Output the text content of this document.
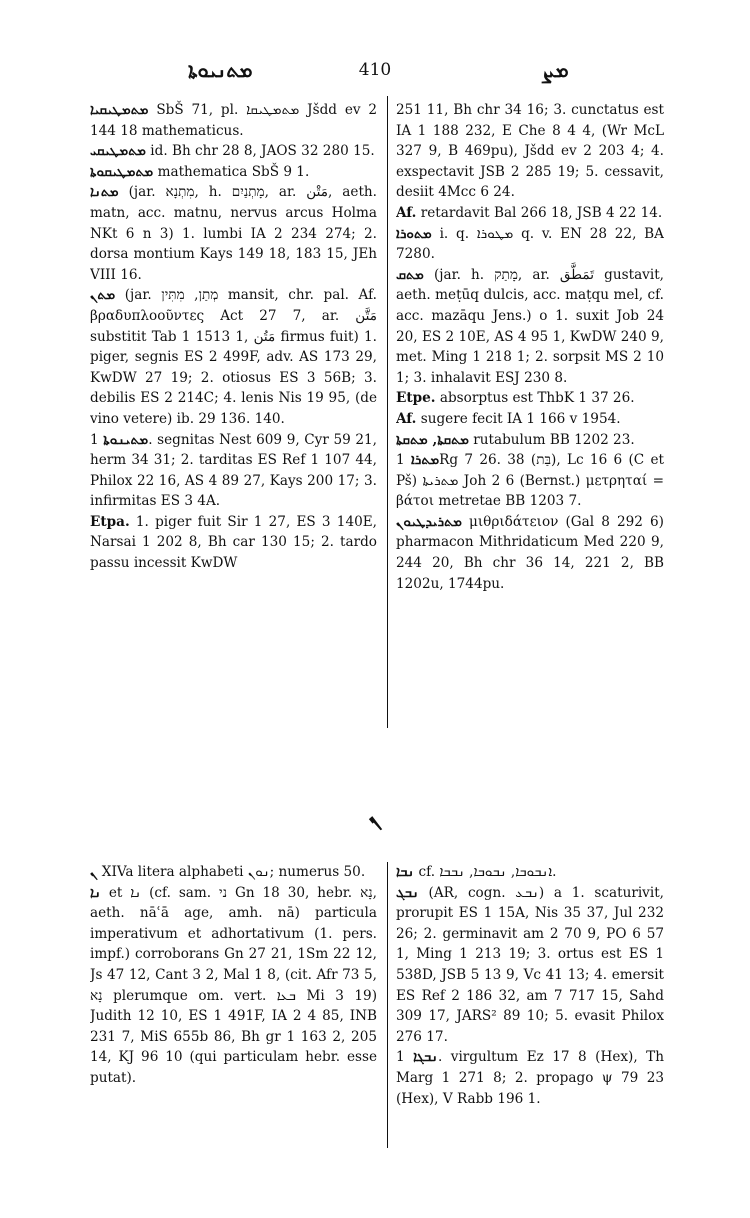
ܡܬܢܝܘܬܐ	410	ܡܨ
ܢ

ܡܬܡܛܝܩܝܐ SbŠ 71, pl. ܡܬܡܛܝܩܐ Jšdd ev 2 144 18 mathematicus.

ܡܬܡܛܝܩܝ id. Bh chr 28 8, JAOS 32 280 15.

ܡܬܡܛܝܩܘܬܐ mathematica SbŠ 9 1.

ܡܬܢܐ (jar. מִתְנָא, h. מָתְנַיִם, ar. مَتْن, aeth. matn, acc. matnu, nervus arcus Holma NKt 6 n 3) 1. lumbi IA 2 234 274; 2. dorsa montium Kays 149 18, 183 15, JEh VIII 16.

ܡܬܢ (jar. מְתַן, מִתִּין mansit, chr. pal. Af. βραδυπλοοῦντες Act 27 7, ar. مَتَّن substitit Tab 1 1513 1, مَتُن firmus fuit) 1. piger, segnis ES 2 499F, adv. AS 173 29, KwDW 27 19; 2. otiosus ES 3 56B; 3. debilis ES 2 214C; 4. lenis Nis 19 95, (de vino vetere) ib. 29 136. 140.

ܡܬܝܢܘܬܐ 1. segnitas Nest 609 9, Cyr 59 21, herm 34 31; 2. tarditas ES Ref 1 107 44, Philox 22 16, AS 4 89 27, Kays 200 17; 3. infirmitas ES 3 4A.

Etpa. 1. piger fuit Sir 1 27, ES 3 140E, Narsai 1 202 8, Bh car 130 15; 2. tardo passu incessit KwDW

251 11, Bh chr 34 16; 3. cunctatus est IA 1 188 232, E Che 8 4 4, (Wr McL 327 9, B 469pu), Jšdd ev 2 203 4; 4. exspectavit JSB 2 285 19; 5. cessavit, desiit 4Mcc 6 24.

Af. retardavit Bal 266 18, JSB 4 22 14.

ܡܬܘܪܐ i. q. ܡܛܘܪܐ q. v. EN 28 22, BA 7280.

ܡܬܩ (jar. h. מָתַק, ar. تَمَطَّق gustavit, aeth. meṭūq dulcis, acc. maṭqu mel, cf. acc. mazāqu Jens.) o 1. suxit Job 24 20, ES 2 10E, AS 4 95 1, KwDW 240 9, met. Ming 1 218 1; 2. sorpsit MS 2 10 1; 3. inhalavit ESJ 230 8.

Etpe. absorptus est ThbK 1 37 26.

Af. sugere fecit IA 1 166 v 1954.

ܡܬܩܬܐ, ܡܬܩܬܐ rutabulum BB 1202 23.

ܡܬܪܐ 1Rg 7 26. 38 (בַּת), Lc 16 6 (C et Pš) ܡܬܪܝܬܐ Joh 2 6 (Bernst.) μετρηταί = βάτοι metretae BB 1203 7.

ܡܬܪܝܕܛܝܘܢ μιθριδάτειον (Gal 8 292 6) pharmacon Mithridaticum Med 220 9, 244 20, Bh chr 36 14, 221 2, BB 1202u, 1744pu.

ܢ XIVa litera alphabeti ܢܘܢ; numerus 50.

ܢܐ et ܢܐ (cf. sam. ני Gn 18 30, hebr. נָא, aeth. nāʿā age, amh. nā) particula imperativum et adhortativum (1. pers. impf.) corroborans Gn 27 21, 1Sm 22 12, Js 47 12, Cant 3 2, Mal 1 8, (cit. Afr 73 5, נָא plerumque om. vert. ܒܥܐ Mi 3 19) Judith 12 10, ES 1 491F, IA 2 4 85, INB 231 7, MiS 655b 86, Bh gr 1 163 2, 205 14, KJ 96 10 (qui particulam hebr. esse putat).

ܢܒܐ cf. ܐܢܒܘܒܐ, ܢܒܘܒܐ, ܢܒܒܐ.

ܢܒܓ (AR, cogn. ܢܒܥ) a 1. scaturivit, prorupit ES 1 15A, Nis 35 37, Jul 232 26; 2. germinavit am 2 70 9, PO 6 57 1, Ming 1 213 19; 3. ortus est ES 1 538D, JSB 5 13 9, Vc 41 13; 4. emersit ES Ref 2 186 32, am 7 717 15, Sahd 309 17, JARS² 89 10; 5. evasit Philox 276 17.

ܢܒܓܐ 1. virgultum Ez 17 8 (Hex), Th Marg 1 271 8; 2. propago ψ 79 23 (Hex), V Rabb 196 1.
